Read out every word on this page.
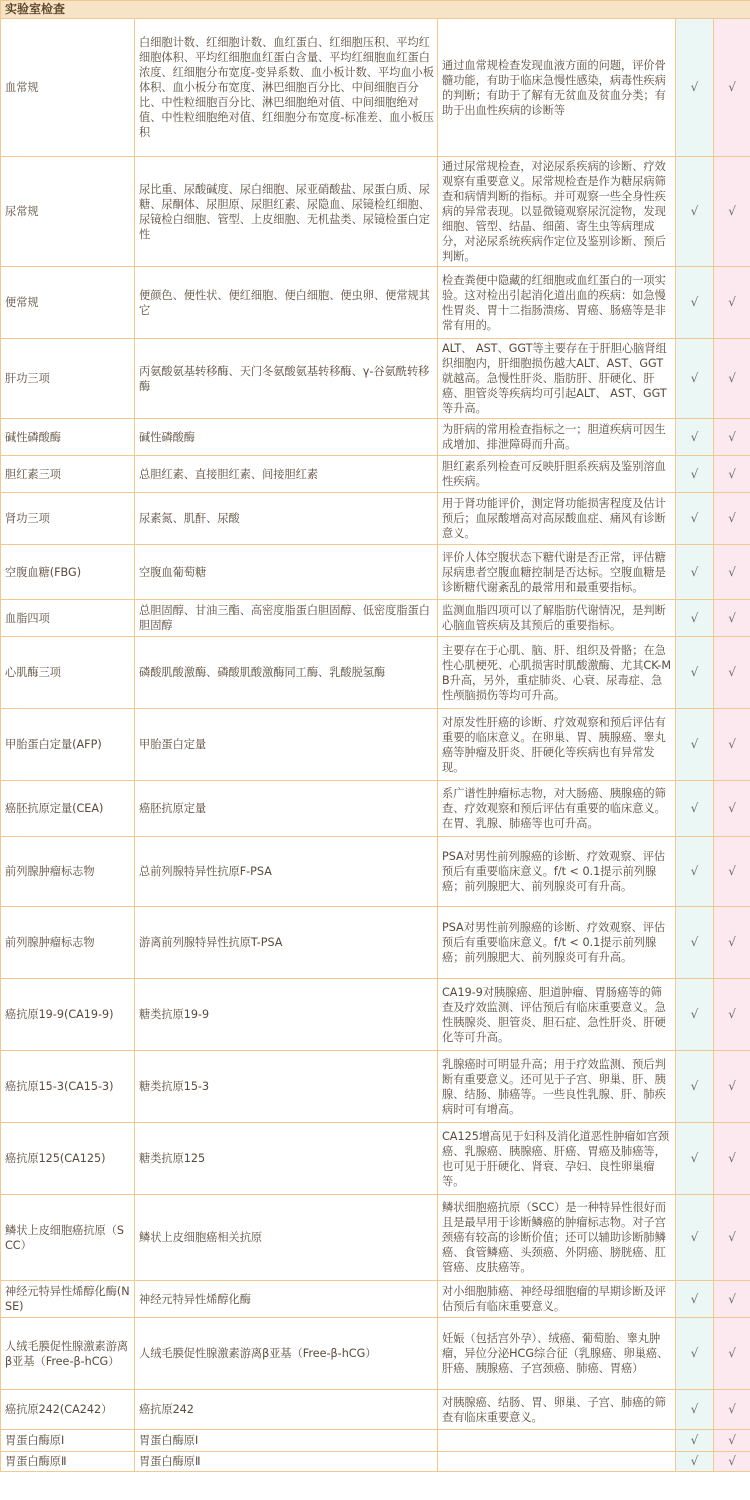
实验室检查				
血常规	白细胞计数、红细胞计数、血红蛋白、红细胞压积、平均红细胞体积、平均红细胞血红蛋白含量、平均红细胞血红蛋白浓度、红细胞分布宽度-变异系数、血小板计数、平均血小板体积、血小板分布宽度、淋巴细胞百分比、中间细胞百分比、中性粒细胞百分比、淋巴细胞绝对值、中间细胞绝对值、中性粒细胞绝对值、红细胞分布宽度-标准差、血小板压积	通过血常规检查发现血液方面的问题，评价骨髓功能，有助于临床急慢性感染，病毒性疾病的判断；有助于了解有无贫血及贫血分类；有助于出血性疾病的诊断等	√	√
尿常规	尿比重、尿酸碱度、尿白细胞、尿亚硝酸盐、尿蛋白质、尿糖、尿酮体、尿胆原、尿胆红素、尿隐血、尿镜检红细胞、尿镜检白细胞、管型、上皮细胞、无机盐类、尿镜检蛋白定性	通过尿常规检查，对泌尿系疾病的诊断、疗效观察有重要意义。尿常规检查是作为糖尿病筛查和病情判断的指标。并可观察一些全身性疾病的异常表现。以显微镜观察尿沉淀物，发现细胞、管型、结晶、细菌、寄生虫等病理成分，对泌尿系统疾病作定位及鉴别诊断、预后判断。	√	√
便常规	便颜色、便性状、便红细胞、便白细胞、便虫卵、便常规其它	检查粪便中隐藏的红细胞或血红蛋白的一项实验。这对检出引起消化道出血的疾病：如急慢性胃炎、胃十二指肠溃疡、胃癌、肠癌等是非常有用的。	√	√
肝功三项	丙氨酸氨基转移酶、天门冬氨酸氨基转移酶、γ-谷氨酰转移酶	ALT、 AST、GGT等主要存在于肝胆心脑肾组织细胞内，肝细胞损伤越大ALT、AST、GGT就越高。急慢性肝炎、脂肪肝、肝硬化、肝癌、胆管炎等疾病均可引起ALT、 AST、GGT等升高。	√	√
碱性磷酸酶	碱性磷酸酶	为肝病的常用检查指标之一；胆道疾病可因生成增加、排泄障碍而升高。	√	√
胆红素三项	总胆红素、直接胆红素、间接胆红素	胆红素系列检查可反映肝胆系疾病及鉴别溶血性疾病。	√	√
肾功三项	尿素氮、肌酐、尿酸	用于肾功能评价，测定肾功能损害程度及估计预后；血尿酸增高对高尿酸血症、痛风有诊断意义。	√	√
空腹血糖(FBG)	空腹血葡萄糖	评价人体空腹状态下糖代谢是否正常，评估糖尿病患者空腹血糖控制是否达标。空腹血糖是诊断糖代谢紊乱的最常用和最重要指标。	√	√
血脂四项	总胆固醇、甘油三酯、高密度脂蛋白胆固醇、低密度脂蛋白胆固醇	监测血脂四项可以了解脂肪代谢情况，是判断心脑血管疾病及其预后的重要指标。	√	√
心肌酶三项	磷酸肌酸激酶、磷酸肌酸激酶同工酶、乳酸脱氢酶	主要存在于心肌、脑、肝、组织及骨骼；在急性心肌梗死、心肌损害时肌酸激酶、尤其CK-MB升高，另外，重症肺炎、心衰、尿毒症、急性颅脑损伤等均可升高。	√	√
甲胎蛋白定量(AFP)	甲胎蛋白定量	对原发性肝癌的诊断、疗效观察和预后评估有重要的临床意义。在卵巢、胃、胰腺癌、睾丸癌等肿瘤及肝炎、肝硬化等疾病也有异常发现。	√	√
癌胚抗原定量(CEA)	癌胚抗原定量	系广谱性肿瘤标志物，对大肠癌、胰腺癌的筛查、疗效观察和预后评估有重要的临床意义。在胃、乳腺、肺癌等也可升高。	√	√
前列腺肿瘤标志物	总前列腺特异性抗原F-PSA	PSA对男性前列腺癌的诊断、疗效观察、评估预后有重要临床意义。f/t < 0.1提示前列腺癌；前列腺肥大、前列腺炎可有升高。	√	√
前列腺肿瘤标志物	游离前列腺特异性抗原T-PSA	PSA对男性前列腺癌的诊断、疗效观察、评估预后有重要临床意义。f/t < 0.1提示前列腺癌；前列腺肥大、前列腺炎可有升高。	√	√
癌抗原19-9(CA19-9)	糖类抗原19-9	CA19-9对胰腺癌、胆道肿瘤、胃肠癌等的筛查及疗效监测、评估预后有临床重要意义。急性胰腺炎、胆管炎、胆石症、急性肝炎、肝硬化等可升高。	√	√
癌抗原15-3(CA15-3)	糖类抗原15-3	乳腺癌时可明显升高；用于疗效监测、预后判断有重要意义。还可见于子宫、卵巢、肝、胰腺、结肠、肺癌等。一些良性乳腺、肝、肺疾病时可有增高。	√	√
癌抗原125(CA125)	糖类抗原125	CA125增高见于妇科及消化道恶性肿瘤如宫颈癌、乳腺癌、胰腺癌、肝癌、胃癌及肺癌等，也可见于肝硬化、肾衰、孕妇、良性卵巢瘤等。	√	√
鳞状上皮细胞癌抗原（SCC）	鳞状上皮细胞癌相关抗原	鳞状细胞癌抗原（SCC）是一种特异性很好而且是最早用于诊断鳞癌的肿瘤标志物。对子宫颈癌有较高的诊断价值；还可以辅助诊断肺鳞癌、食管鳞癌、头颈癌、外阴癌、膀胱癌、肛管癌、皮肤癌等。	√	√
神经元特异性烯醇化酶(NSE)	神经元特异性烯醇化酶	对小细胞肺癌、神经母细胞瘤的早期诊断及评估预后有临床重要意义。	√	√
人绒毛膜促性腺激素游离β亚基（Free-β-hCG）	人绒毛膜促性腺激素游离β亚基（Free-β-hCG）	妊娠（包括宫外孕）、绒癌、葡萄胎、睾丸肿瘤，异位分泌HCG综合征（乳腺癌、卵巢癌、肝癌、胰腺癌、子宫颈癌、肺癌、胃癌）	√	√
癌抗原242(CA242）	癌抗原242	对胰腺癌、结肠、胃、卵巢、子宫、肺癌的筛查有临床重要意义。	√	√
胃蛋白酶原Ⅰ	胃蛋白酶原Ⅰ		√	√
胃蛋白酶原Ⅱ	胃蛋白酶原Ⅱ		√	√
